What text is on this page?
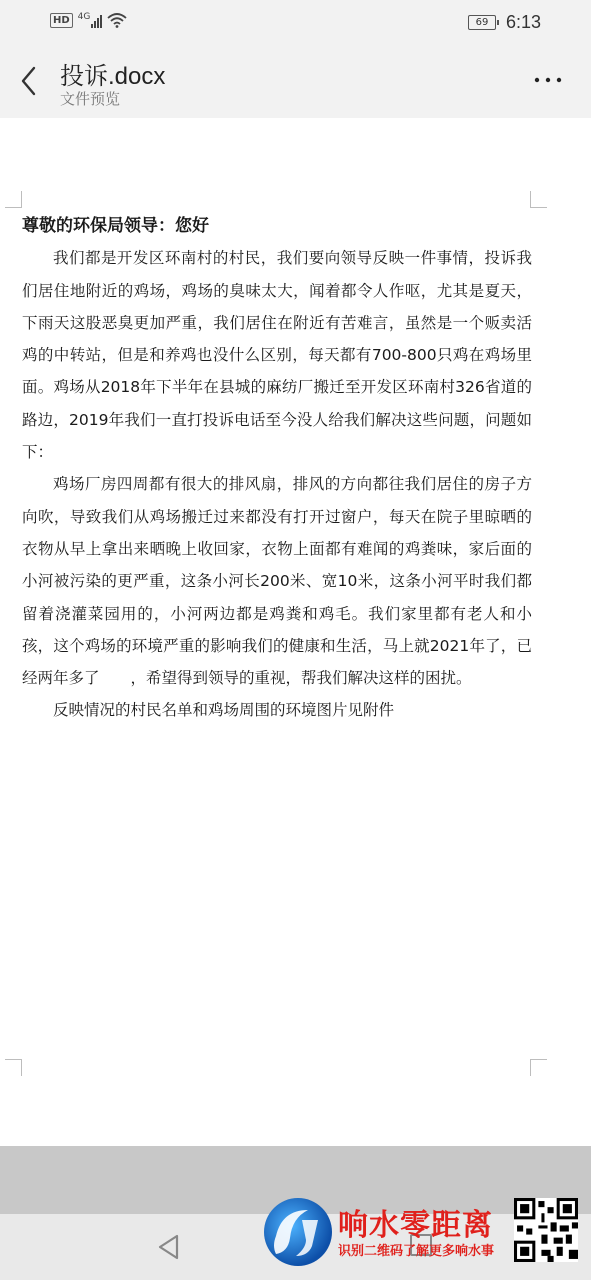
HD 4G
69 6:13
投诉.docx
文件预览

尊敬的环保局领导：您好

我们都是开发区环南村的村民，我们要向领导反映一件事情，投诉我们居住地附近的鸡场，鸡场的臭味太大，闻着都令人作呕，尤其是夏天，下雨天这股恶臭更加严重，我们居住在附近有苦难言，虽然是一个贩卖活鸡的中转站，但是和养鸡也没什么区别，每天都有700-800只鸡在鸡场里面。鸡场从2018年下半年在县城的麻纺厂搬迁至开发区环南村326省道的路边，2019年我们一直打投诉电话至今没人给我们解决这些问题，问题如下：

鸡场厂房四周都有很大的排风扇，排风的方向都往我们居住的房子方向吹，导致我们从鸡场搬迁过来都没有打开过窗户，每天在院子里晾晒的衣物从早上拿出来晒晚上收回家，衣物上面都有难闻的鸡粪味，家后面的小河被污染的更严重，这条小河长200米、宽10米，这条小河平时我们都留着浇灌菜园用的，小河两边都是鸡粪和鸡毛。我们家里都有老人和小孩，这个鸡场的环境严重的影响我们的健康和生活，马上就2021年了，已经两年多了　　，希望得到领导的重视，帮我们解决这样的困扰。

反映情况的村民名单和鸡场周围的环境图片见附件

响水零距离
识别二维码了解更多响水事
